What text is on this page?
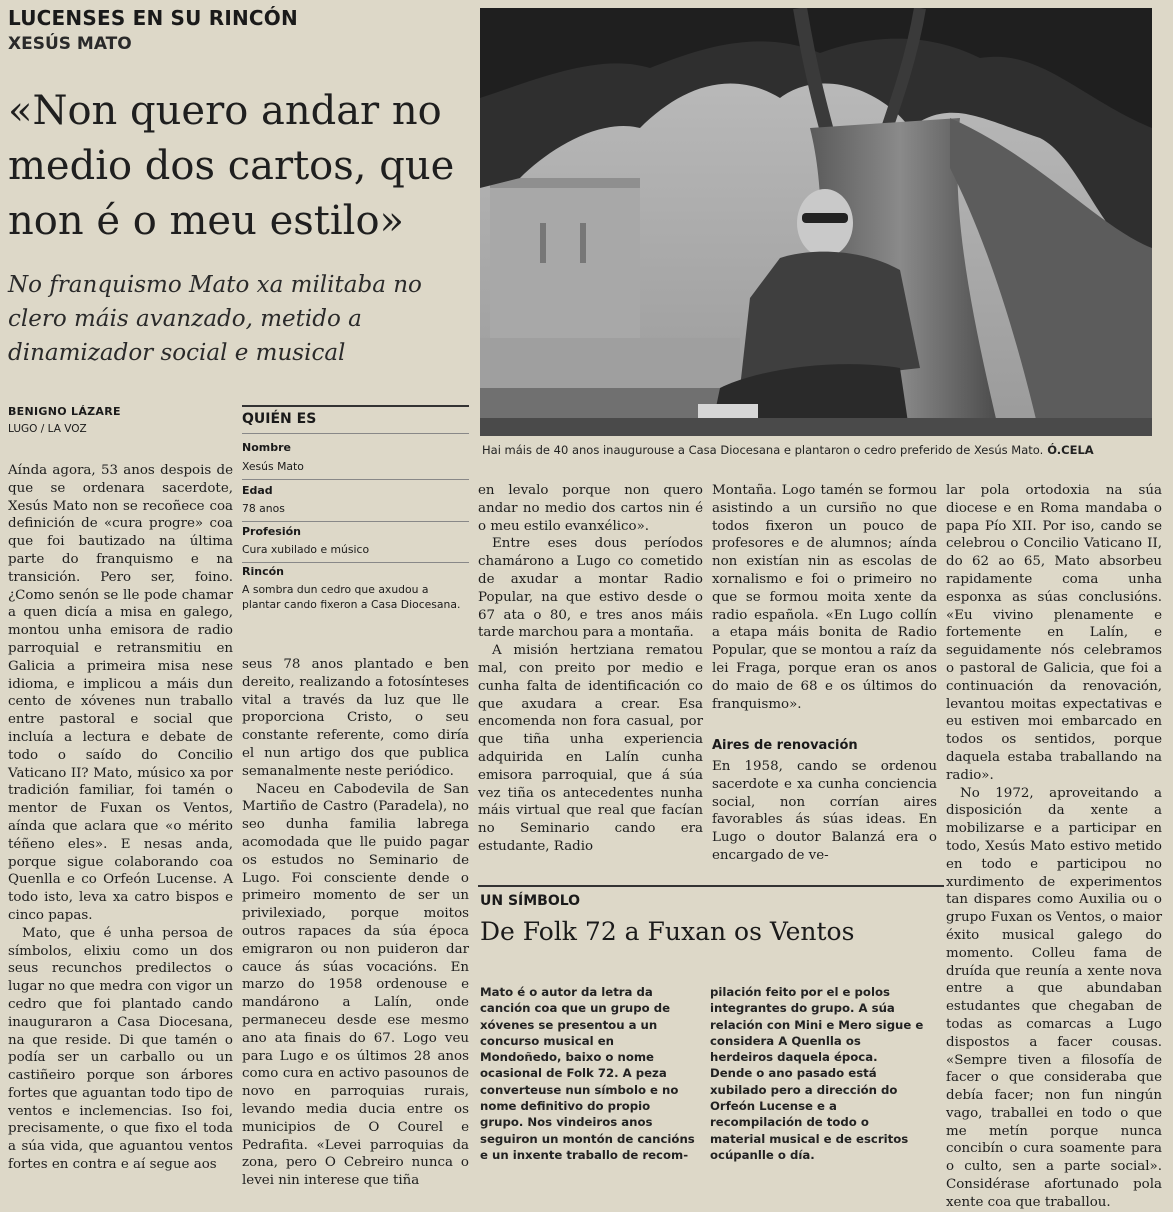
LUCENSES EN SU RINCÓN
XESÚS MATO
«Non quero andar no medio dos cartos, que non é o meu estilo»
No franquismo Mato xa militaba no clero máis avanzado, metido a dinamizador social e musical
Hai máis de 40 anos inaugurouse a Casa Diocesana e plantaron o cedro preferido de Xesús Mato. Ó.CELA
BENIGNO LÁZARE
LUGO / LA VOZ
QUIÉN ES
Nombre
Xesús Mato
Edad
78 anos
Profesión
Cura xubilado e músico
Rincón
A sombra dun cedro que axudou a plantar cando fixeron a Casa Diocesana.

Aínda agora, 53 anos despois de que se ordenara sacerdote, Xesús Mato non se recoñece coa definición de «cura progre» coa que foi bautizado na última parte do franquismo e na transición. Pero ser, foino. ¿Como senón se lle pode chamar a quen dicía a misa en galego, montou unha emisora de radio parroquial e retransmitiu en Galicia a primeira misa nese idioma, e implicou a máis dun cento de xóvenes nun traballo entre pastoral e social que incluía a lectura e debate de todo o saído do Concilio Vaticano II? Mato, músico xa por tradición familiar, foi tamén o mentor de Fuxan os Ventos, aínda que aclara que «o mérito téñeno eles». E nesas anda, porque sigue colaborando coa Quenlla e co Orfeón Lucense. A todo isto, leva xa catro bispos e cinco papas.

Mato, que é unha persoa de símbolos, elixiu como un dos seus recunchos predilectos o lugar no que medra con vigor un cedro que foi plantado cando inauguraron a Casa Diocesana, na que reside. Di que tamén o podía ser un carballo ou un castiñeiro porque son árbores fortes que aguantan todo tipo de ventos e inclemencias. Iso foi, precisamente, o que fixo el toda a súa vida, que aguantou ventos fortes en contra e aí segue aos

seus 78 anos plantado e ben dereito, realizando a fotosínteses vital a través da luz que lle proporciona Cristo, o seu constante referente, como diría el nun artigo dos que publica semanalmente neste periódico.

Naceu en Cabodevila de San Martiño de Castro (Paradela), no seo dunha familia labrega acomodada que lle puido pagar os estudos no Seminario de Lugo. Foi consciente dende o primeiro momento de ser un privilexiado, porque moitos outros rapaces da súa época emigraron ou non puideron dar cauce ás súas vocacións. En marzo do 1958 ordenouse e mandárono a Lalín, onde permaneceu desde ese mesmo ano ata finais do 67. Logo veu para Lugo e os últimos 28 anos como cura en activo pasounos de novo en parroquias rurais, levando media ducia entre os municipios de O Courel e Pedrafita. «Levei parroquias da zona, pero O Cebreiro nunca o levei nin interese que tiña

en levalo porque non quero andar no medio dos cartos nin é o meu estilo evanxélico».

Entre eses dous períodos chamárono a Lugo co cometido de axudar a montar Radio Popular, na que estivo desde o 67 ata o 80, e tres anos máis tarde marchou para a montaña.

A misión hertziana rematou mal, con preito por medio e cunha falta de identificación co que axudara a crear. Esa encomenda non fora casual, por que tiña unha experiencia adquirida en Lalín cunha emisora parroquial, que á súa vez tiña os antecedentes nunha máis virtual que real que facían no Seminario cando era estudante, Radio

Montaña. Logo tamén se formou asistindo a un cursiño no que todos fixeron un pouco de profesores e de alumnos; aínda non existían nin as escolas de xornalismo e foi o primeiro no que se formou moita xente da radio española. «En Lugo collín a etapa máis bonita de Radio Popular, que se montou a raíz da lei Fraga, porque eran os anos do maio de 68 e os últimos do franquismo».

Aires de renovación

En 1958, cando se ordenou sacerdote e xa cunha conciencia social, non corrían aires favorables ás súas ideas. En Lugo o doutor Balanzá era o encargado de ve-

lar pola ortodoxia na súa diocese e en Roma mandaba o papa Pío XII. Por iso, cando se celebrou o Concilio Vaticano II, do 62 ao 65, Mato absorbeu rapidamente coma unha esponxa as súas conclusións. «Eu vivino plenamente e fortemente en Lalín, e seguidamente nós celebramos o pastoral de Galicia, que foi a continuación da renovación, levantou moitas expectativas e eu estiven moi embarcado en todos os sentidos, porque daquela estaba traballando na radio».

No 1972, aproveitando a disposición da xente a mobilizarse e a participar en todo, Xesús Mato estivo metido en todo e participou no xurdimento de experimentos tan dispares como Auxilia ou o grupo Fuxan os Ventos, o maior éxito musical galego do momento. Colleu fama de druída que reunía a xente nova entre a que abundaban estudantes que chegaban de todas as comarcas a Lugo dispostos a facer cousas. «Sempre tiven a filosofía de facer o que consideraba que debía facer; non fun ningún vago, traballei en todo o que me metín porque nunca concibín o cura soamente para o culto, sen a parte social». Considérase afortunado pola xente coa que traballou.

UN SÍMBOLO
De Folk 72 a Fuxan os Ventos

Mato é o autor da letra da canción coa que un grupo de xóvenes se presentou a un concurso musical en Mondoñedo, baixo o nome ocasional de Folk 72. A peza converteuse nun símbolo e no nome definitivo do propio grupo. Nos vindeiros anos seguiron un montón de cancións e un inxente traballo de recom-

pilación feito por el e polos integrantes do grupo. A súa relación con Mini e Mero sigue e considera A Quenlla os herdeiros daquela época.

Dende o ano pasado está xubilado pero a dirección do Orfeón Lucense e a recompilación de todo o material musical e de escritos ocúpanlle o día.
